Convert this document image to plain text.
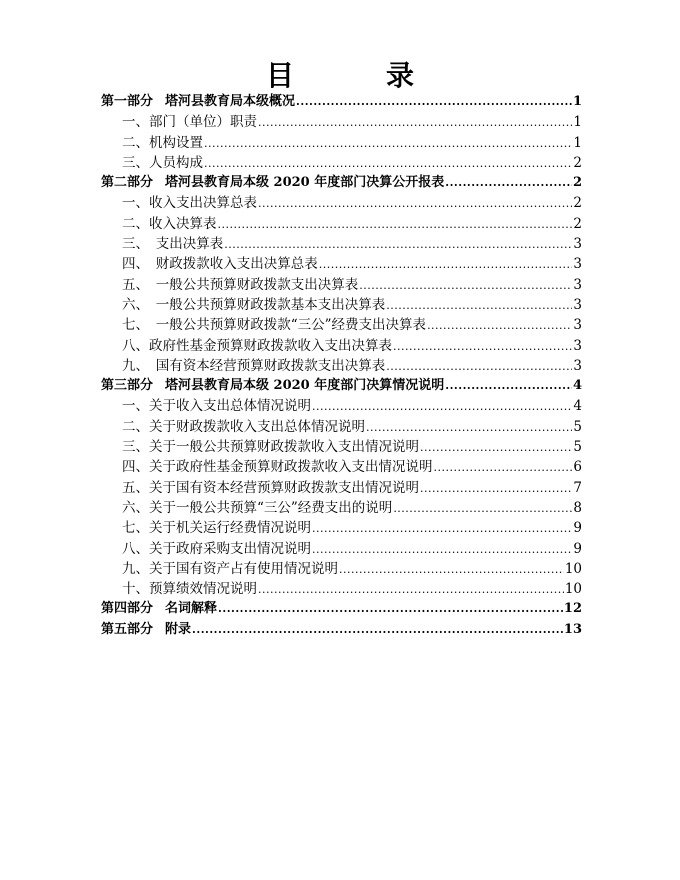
目　录
第一部分 塔河县教育局本级概况 .....	1
一、部门（单位）职责 .....	1
二、机构设置 .....	1
三、人员构成 .....	2
第二部分 塔河县教育局本级 2020 年度部门决算公开报表 .....	2
一、收入支出决算总表 .....	2
二、收入决算表 .....	2
三、　支出决算表 .....	3
四、　财政拨款收入支出决算总表 .....	3
五、　一般公共预算财政拨款支出决算表 .....	3
六、　一般公共预算财政拨款基本支出决算表 .....	3
七、　一般公共预算财政拨款“三公”经费支出决算表 .....	3
八、政府性基金预算财政拨款收入支出决算表 .....	3
九、　国有资本经营预算财政拨款支出决算表 .....	3
第三部分 塔河县教育局本级 2020 年度部门决算情况说明 .....	4
一、关于收入支出总体情况说明 .....	4
二、关于财政拨款收入支出总体情况说明 .....	5
三、关于一般公共预算财政拨款收入支出情况说明 .....	5
四、关于政府性基金预算财政拨款收入支出情况说明 .....	6
五、关于国有资本经营预算财政拨款支出情况说明 .....	7
六、关于一般公共预算“三公”经费支出的说明 .....	8
七、关于机关运行经费情况说明 .....	9
八、关于政府采购支出情况说明 .....	9
九、关于国有资产占有使用情况说明 .....	10
十、预算绩效情况说明 .....	10
第四部分 名词解释 .....	12
第五部分 附录 .....	13
